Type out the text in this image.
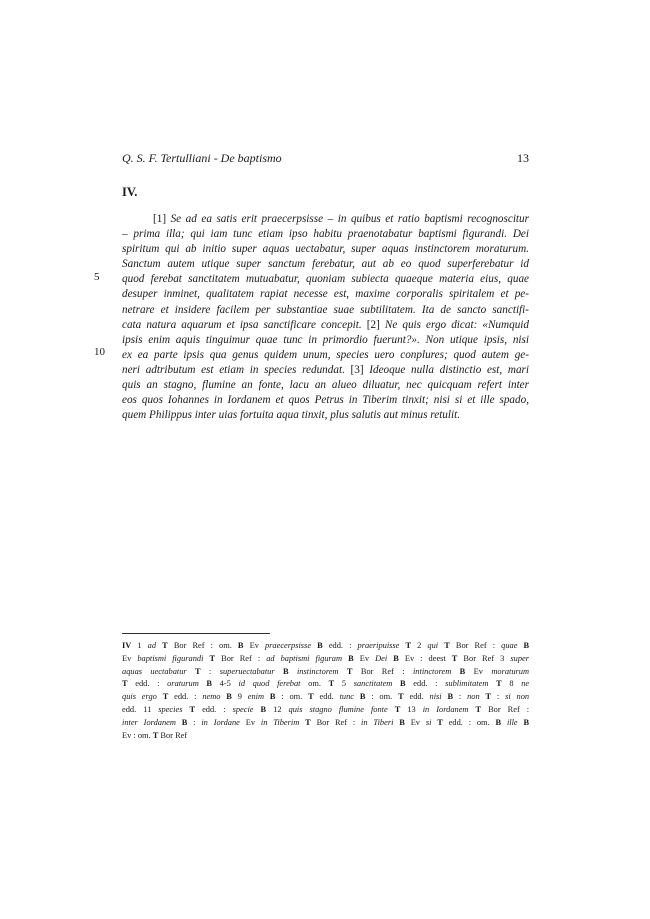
Q. S. F. Tertulliani - De baptismo	13
IV.
5
10
[1] Se ad ea satis erit praecerpsisse – in quibus et ratio baptismi recognoscitur
– prima illa; qui iam tunc etiam ipso habitu praenotabatur baptismi figurandi. Dei
spiritum qui ab initio super aquas uectabatur, super aquas instinctorem moraturum.
Sanctum autem utique super sanctum ferebatur, aut ab eo quod superferebatur id
quod ferebat sanctitatem mutuabatur, quoniam subiecta quaeque materia eius, quae
desuper inminet, qualitatem rapiat necesse est, maxime corporalis spiritalem et pe-
netrare et insidere facilem per substantiae suae subtilitatem. Ita de sancto sanctifi-
cata natura aquarum et ipsa sanctificare concepit. [2] Ne quis ergo dicat: «Numquid
ipsis enim aquis tinguimur quae tunc in primordio fuerunt?». Non utique ipsis, nisi
ex ea parte ipsis qua genus quidem unum, species uero conplures; quod autem ge-
neri adtributum est etiam in species redundat. [3] Ideoque nulla distinctio est, mari
quis an stagno, flumine an fonte, lacu an alueo diluatur, nec quicquam refert inter
eos quos Iohannes in Iordanem et quos Petrus in Tiberim tinxit; nisi si et ille spado,
quem Philippus inter uias fortuita aqua tinxit, plus salutis aut minus retulit.
IV 1 ad T Bor Ref : om. B Ev praecerpsisse B edd. : praeripuisse T 2 qui T Bor Ref : quae B
Ev baptismi figurandi T Bor Ref : ad baptismi figuram B Ev Dei B Ev : deest T Bor Ref 3 super
aquas uectabatur T : superuectabatur B instinctorem T Bor Ref : intinctorem B Ev moraturum
T edd. : oraturum B 4-5 id quod ferebat om. T 5 sanctitatem B edd. : sublimitatem T 8 ne
quis ergo T edd. : nemo B 9 enim B : om. T edd. tunc B : om. T edd. nisi B : non T : si non
edd. 11 species T edd. : specie B 12 quis stagno flumine fonte T 13 in Iordanem T Bor Ref :
inter Iordanem B : in Iordane Ev in Tiberim T Bor Ref : in Tiberi B Ev si T edd. : om. B ille B
Ev : om. T Bor Ref
